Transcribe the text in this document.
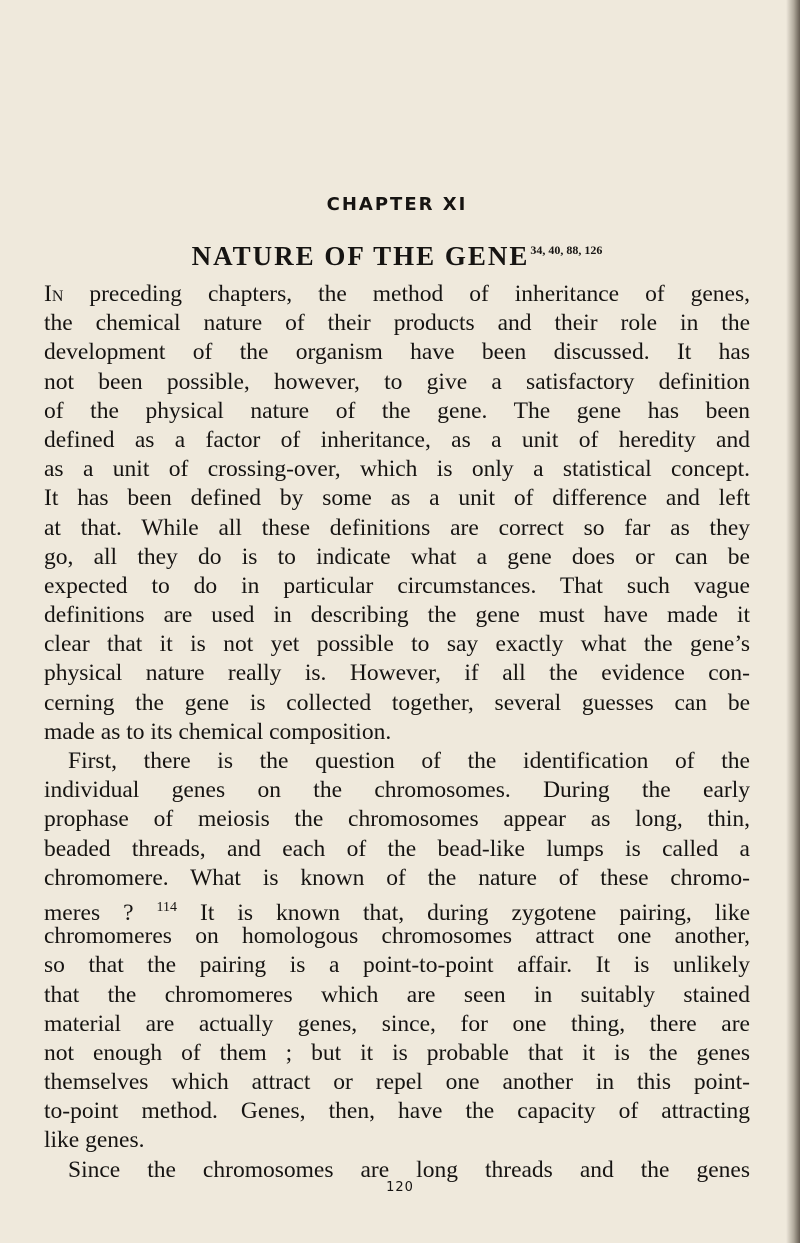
CHAPTER XI
NATURE OF THE GENE$^{34, 40, 88, 126}$

In preceding chapters, the method of inheritance of genes,
the chemical nature of their products and their role in the
development of the organism have been discussed. It has
not been possible, however, to give a satisfactory definition
of the physical nature of the gene. The gene has been
defined as a factor of inheritance, as a unit of heredity and
as a unit of crossing-over, which is only a statistical concept.
It has been defined by some as a unit of difference and left
at that. While all these definitions are correct so far as they
go, all they do is to indicate what a gene does or can be
expected to do in particular circumstances. That such vague
definitions are used in describing the gene must have made it
clear that it is not yet possible to say exactly what the gene’s
physical nature really is. However, if all the evidence con-
cerning the gene is collected together, several guesses can be
made as to its chemical composition.

First, there is the question of the identification of the
individual genes on the chromosomes. During the early
prophase of meiosis the chromosomes appear as long, thin,
beaded threads, and each of the bead-like lumps is called a
chromomere. What is known of the nature of these chromo-
meres ? $^{114}$ It is known that, during zygotene pairing, like
chromomeres on homologous chromosomes attract one another,
so that the pairing is a point-to-point affair. It is unlikely
that the chromomeres which are seen in suitably stained
material are actually genes, since, for one thing, there are
not enough of them ; but it is probable that it is the genes
themselves which attract or repel one another in this point-
to-point method. Genes, then, have the capacity of attracting
like genes.

Since the chromosomes are long threads and the genes

120
